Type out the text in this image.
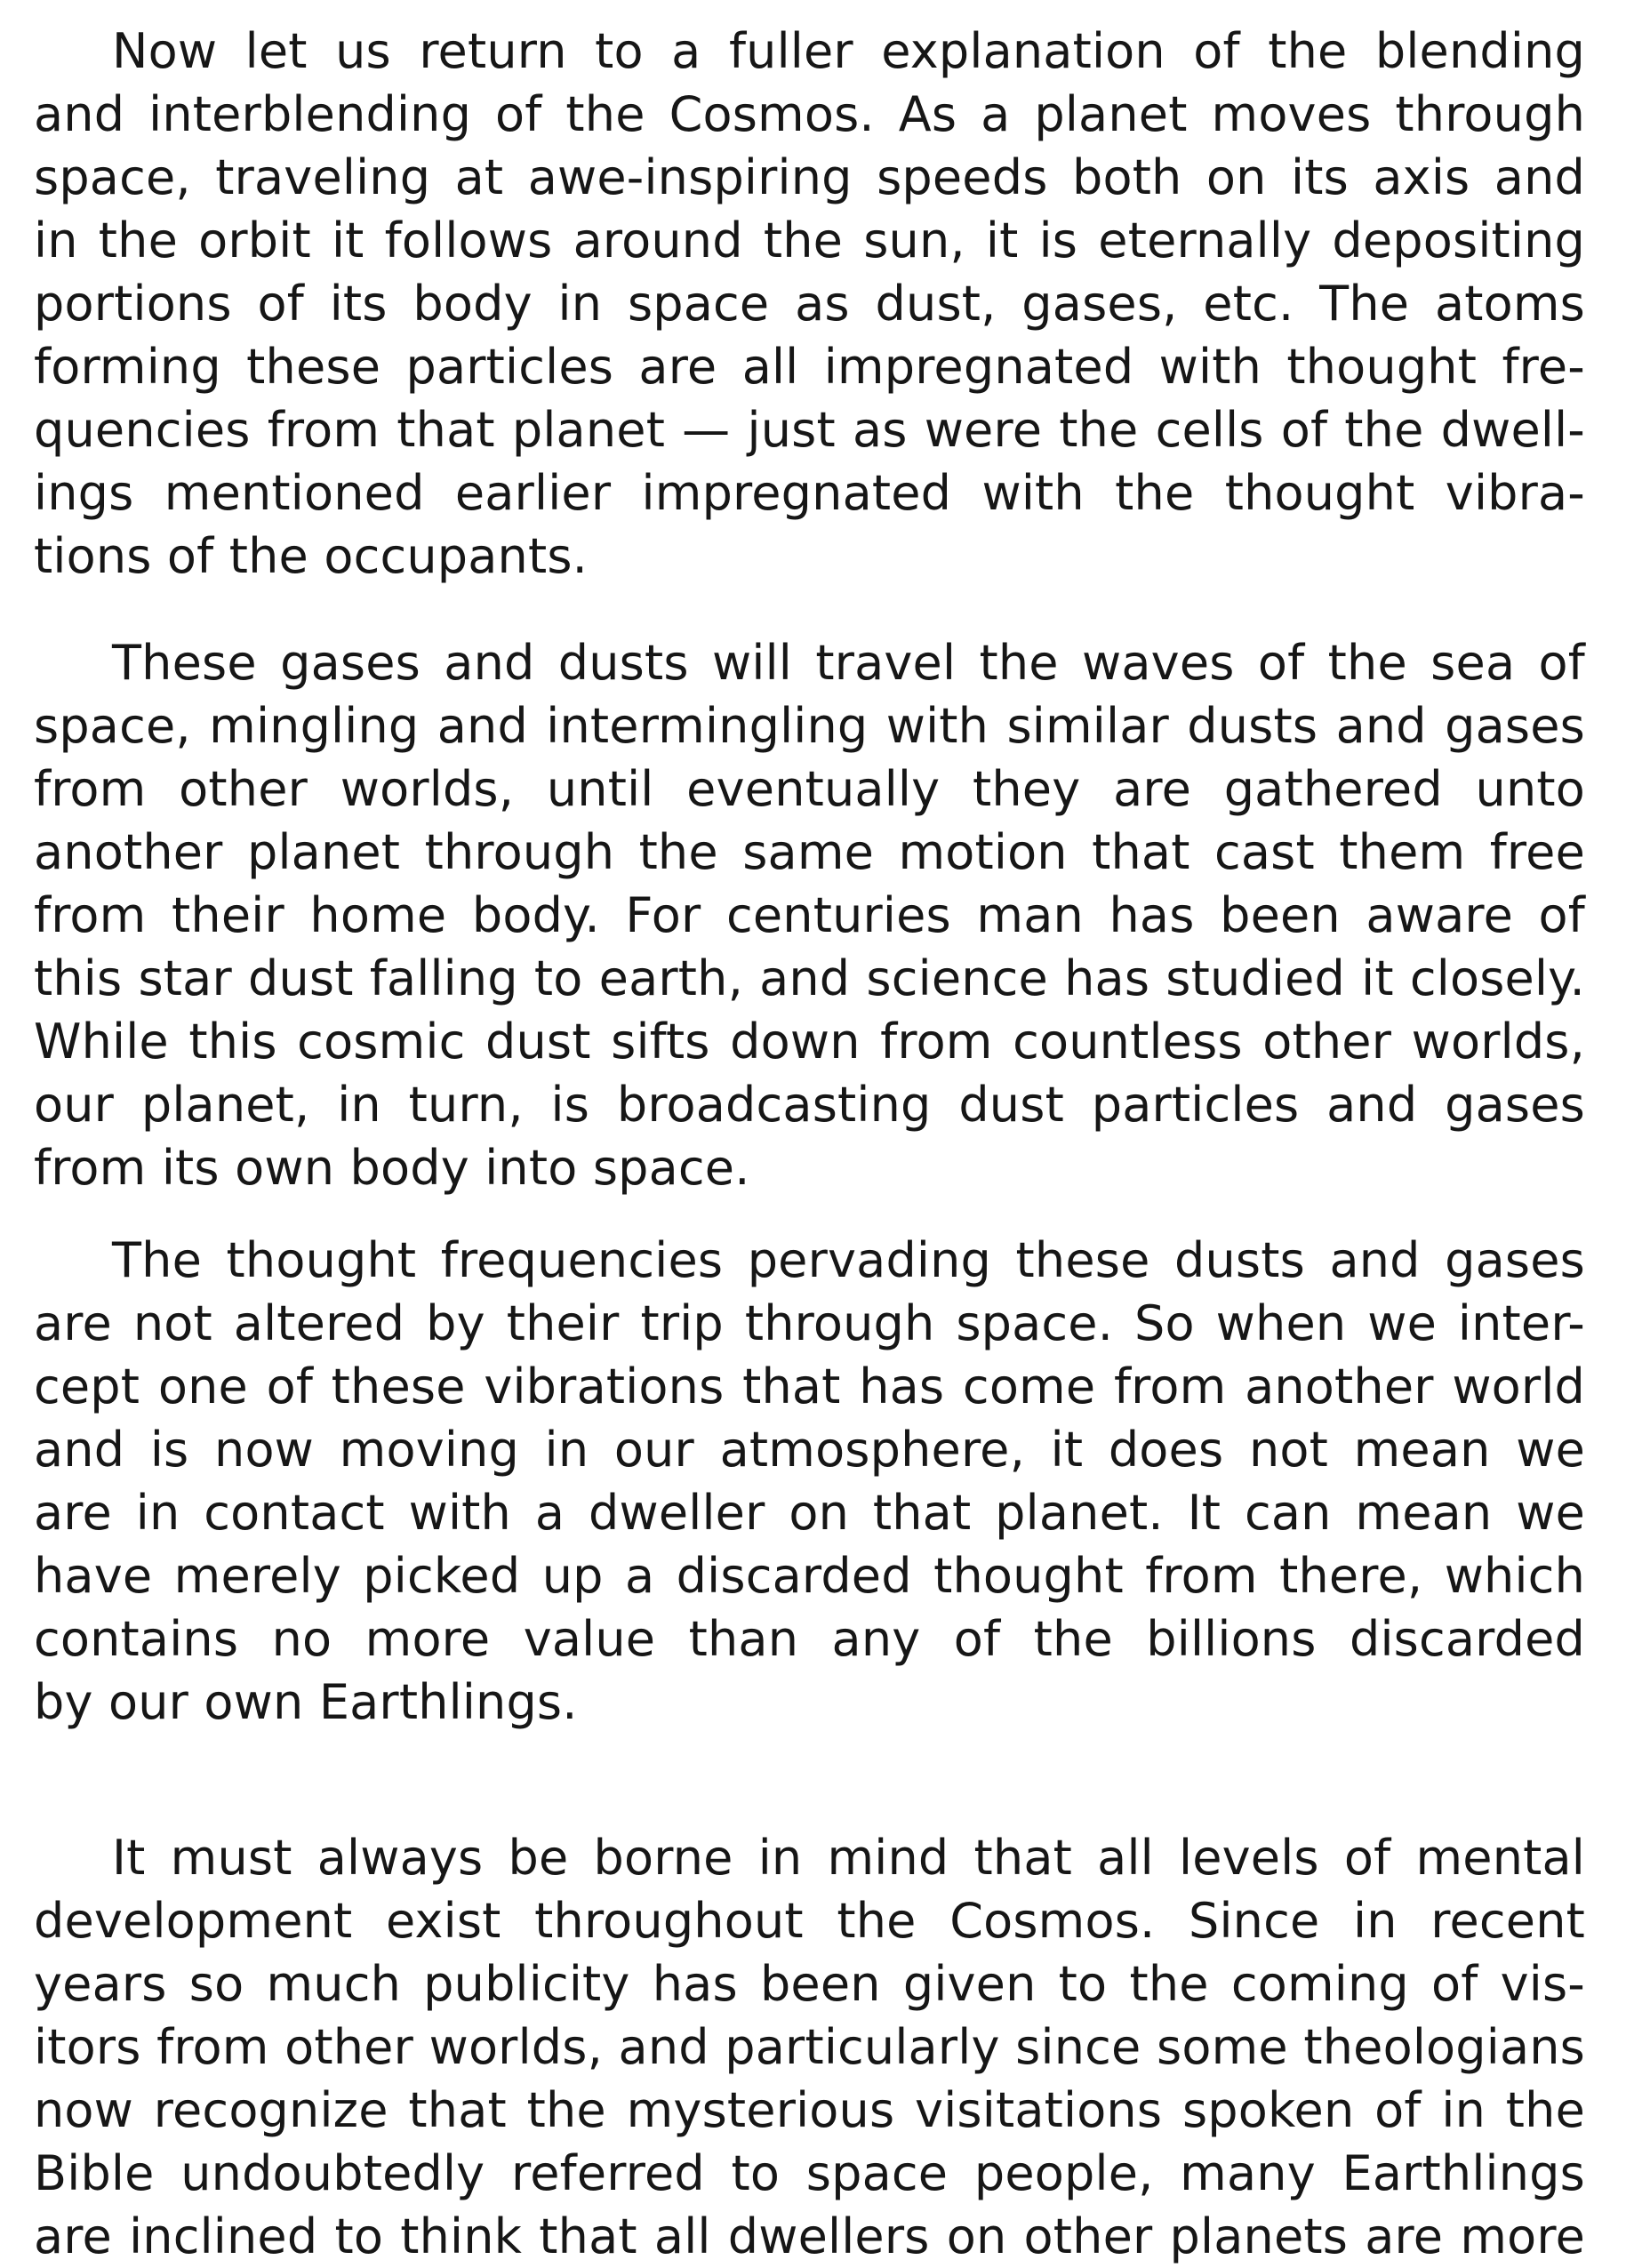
Now let us return to a fuller explanation of the blending
and interblending of the Cosmos. As a planet moves through
space, traveling at awe-inspiring speeds both on its axis and
in the orbit it follows around the sun, it is eternally depositing
portions of its body in space as dust, gases, etc. The atoms
forming these particles are all impregnated with thought fre-
quencies from that planet — just as were the cells of the dwell-
ings mentioned earlier impregnated with the thought vibra-
tions of the occupants.
These gases and dusts will travel the waves of the sea of
space, mingling and intermingling with similar dusts and gases
from other worlds, until eventually they are gathered unto
another planet through the same motion that cast them free
from their home body. For centuries man has been aware of
this star dust falling to earth, and science has studied it closely.
While this cosmic dust sifts down from countless other worlds,
our planet, in turn, is broadcasting dust particles and gases
from its own body into space.
The thought frequencies pervading these dusts and gases
are not altered by their trip through space. So when we inter-
cept one of these vibrations that has come from another world
and is now moving in our atmosphere, it does not mean we
are in contact with a dweller on that planet. It can mean we
have merely picked up a discarded thought from there, which
contains no more value than any of the billions discarded
by our own Earthlings.
It must always be borne in mind that all levels of mental
development exist throughout the Cosmos. Since in recent
years so much publicity has been given to the coming of vis-
itors from other worlds, and particularly since some theologians
now recognize that the mysterious visitations spoken of in the
Bible undoubtedly referred to space people, many Earthlings
are inclined to think that all dwellers on other planets are more
